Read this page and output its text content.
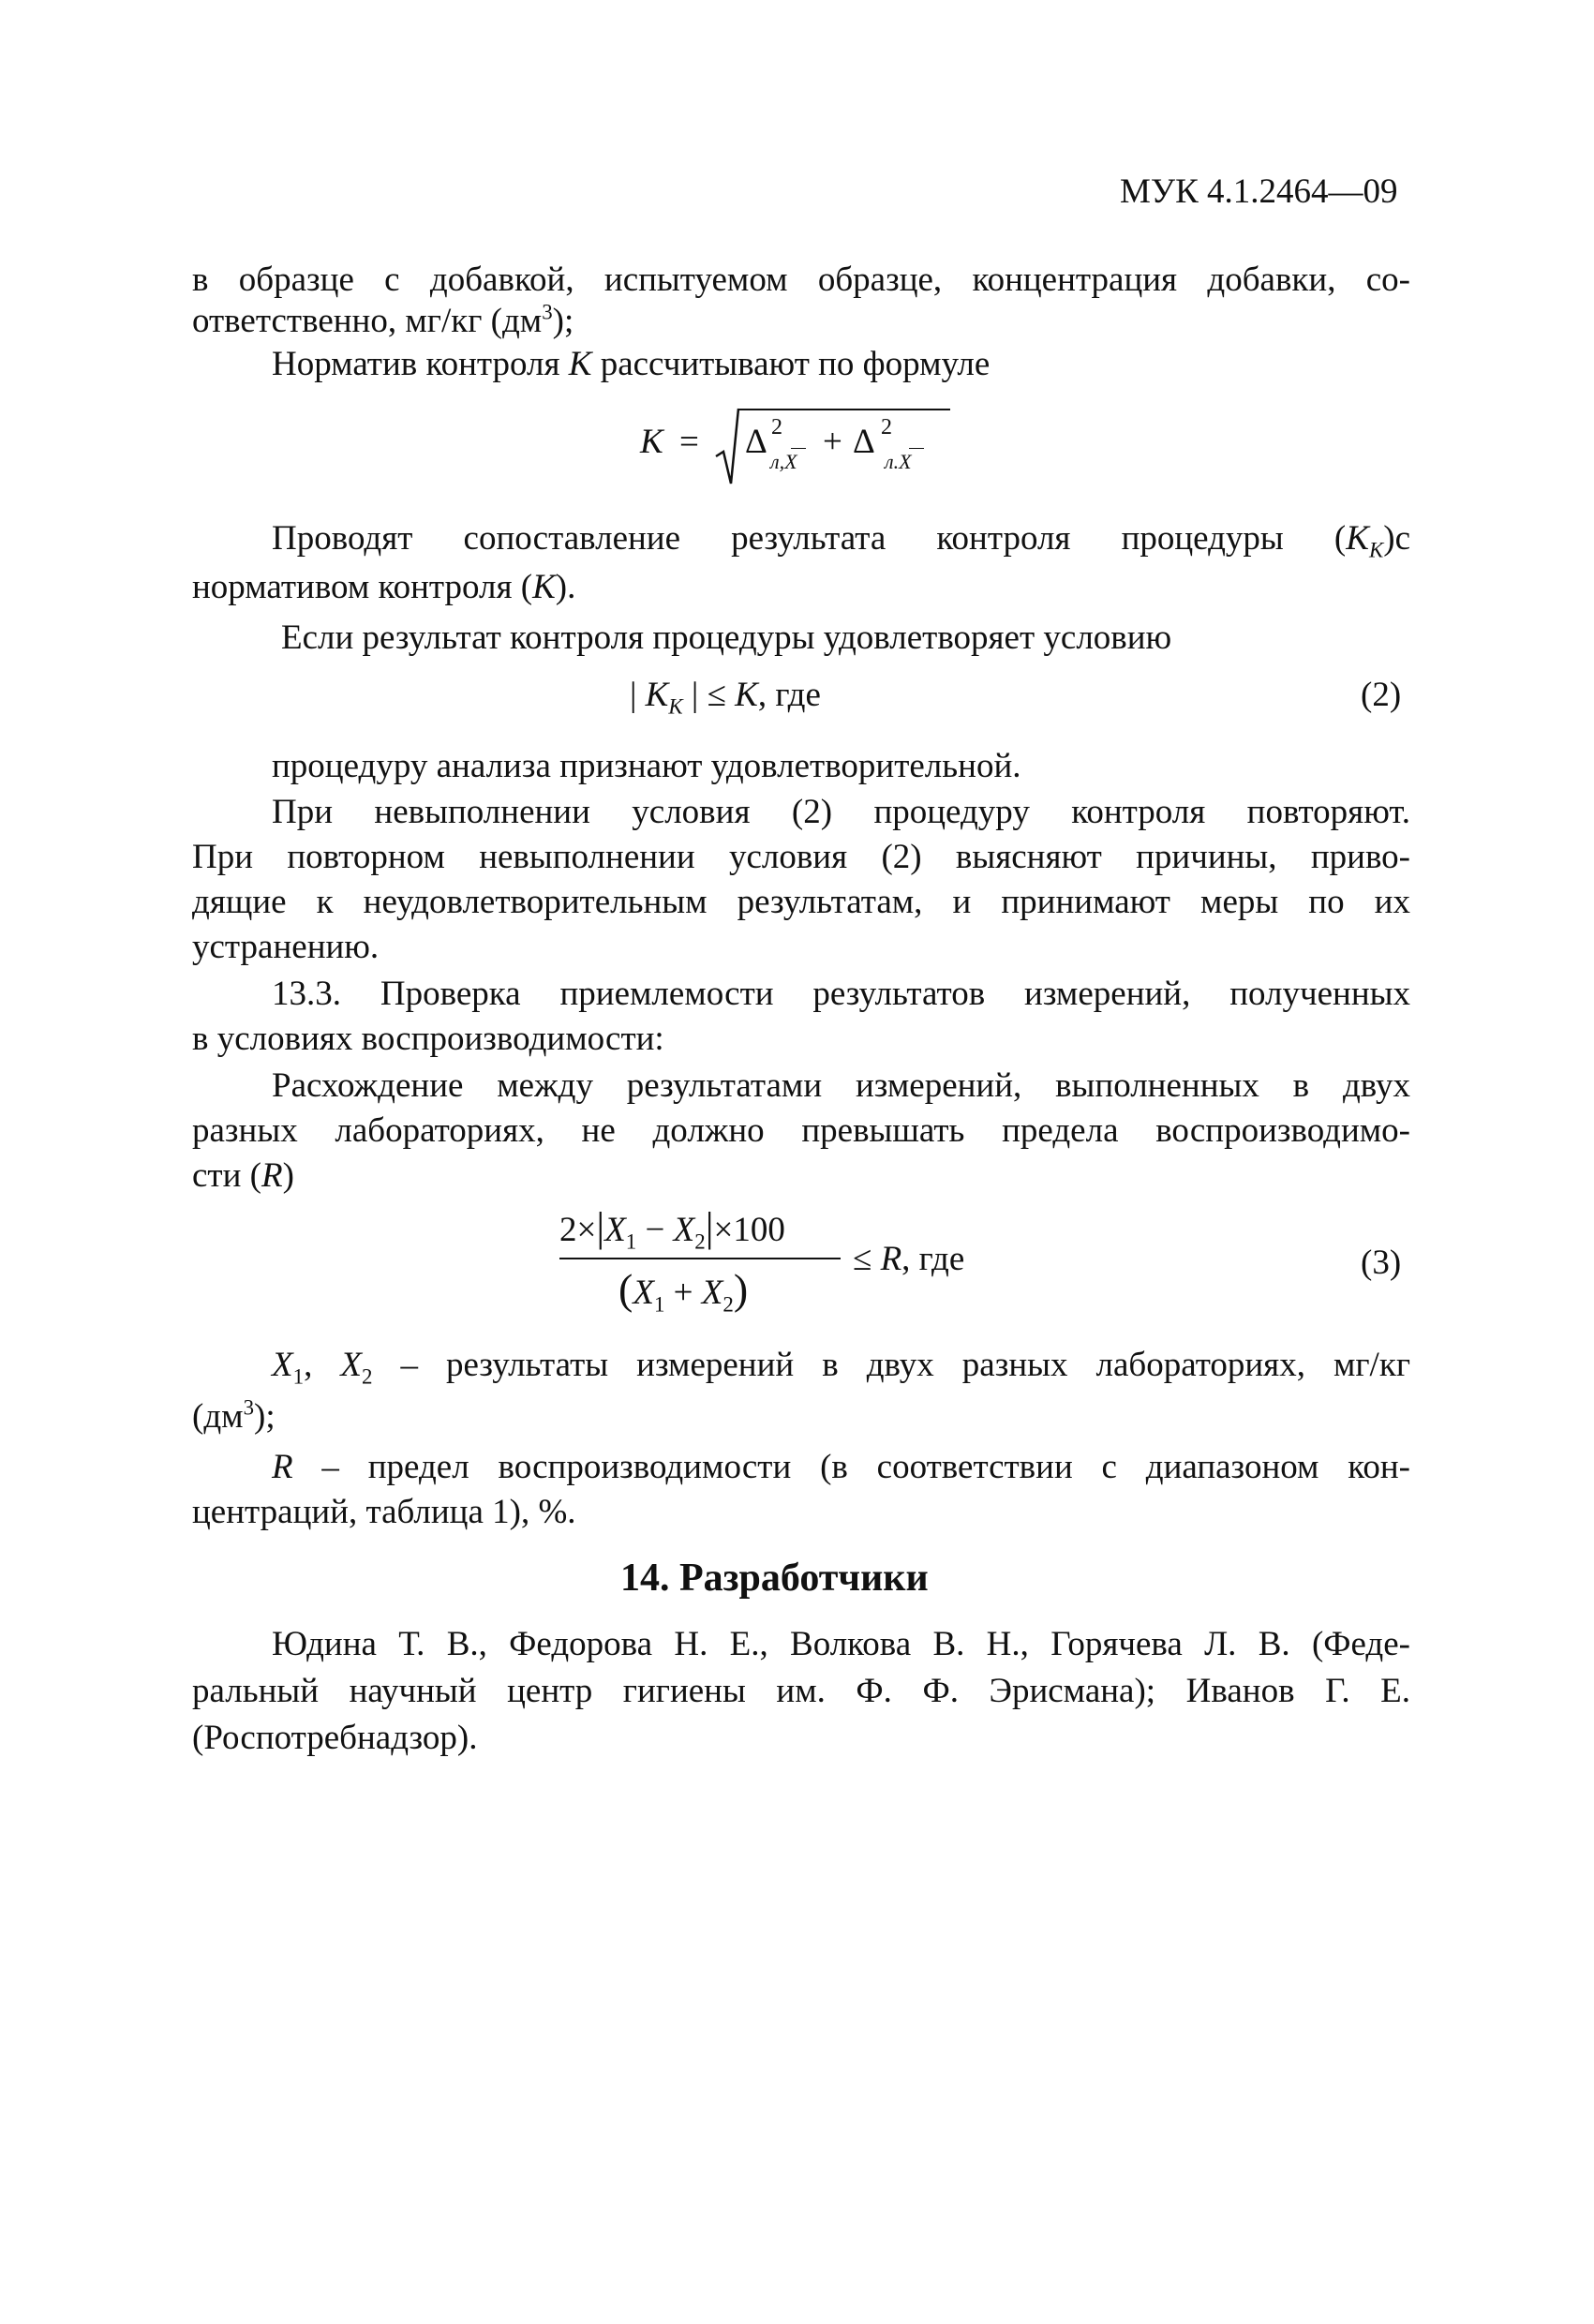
МУК 4.1.2464—09
в образце с добавкой, испытуемом образце, концентрация добавки, со-
ответственно, мг/кг $(дм^3)$;
Норматив контроля K рассчитывают по формуле
K = Δ 2
л,X
+ Δ 2
л.X
Проводят сопоставление результата контроля процедуры $(K_K)с$
нормативом контроля (K).
Если результат контроля процедуры удовлетворяет условию
| $K_K$ | ≤ K, где	(2)
процедуру анализа признают удовлетворительной.
При невыполнении условия (2) процедуру контроля повторяют.
При повторном невыполнении условия (2) выясняют причины, приво-
дящие к неудовлетворительным результатам, и принимают меры по их
устранению.
13.3. Проверка приемлемости результатов измерений, полученных
в условиях воспроизводимости:
Расхождение между результатами измерений, выполненных в двух
разных лабораториях, не должно превышать предела воспроизводимо-
сти (R)
$2\times|X_1 - X_2|\times 100$
$(X_1 + X_2)$
≤ R, где	(3)
$X_1$, $X_2$ – результаты измерений в двух разных лабораториях, мг/кг
$(дм^3)$;
R – предел воспроизводимости (в соответствии с диапазоном кон-
центраций, таблица 1), %.
14. Разработчики
Юдина Т. В., Федорова Н. Е., Волкова В. Н., Горячева Л. В. (Феде-
ральный научный центр гигиены им. Ф. Ф. Эрисмана); Иванов Г. Е.
(Роспотребнадзор).
